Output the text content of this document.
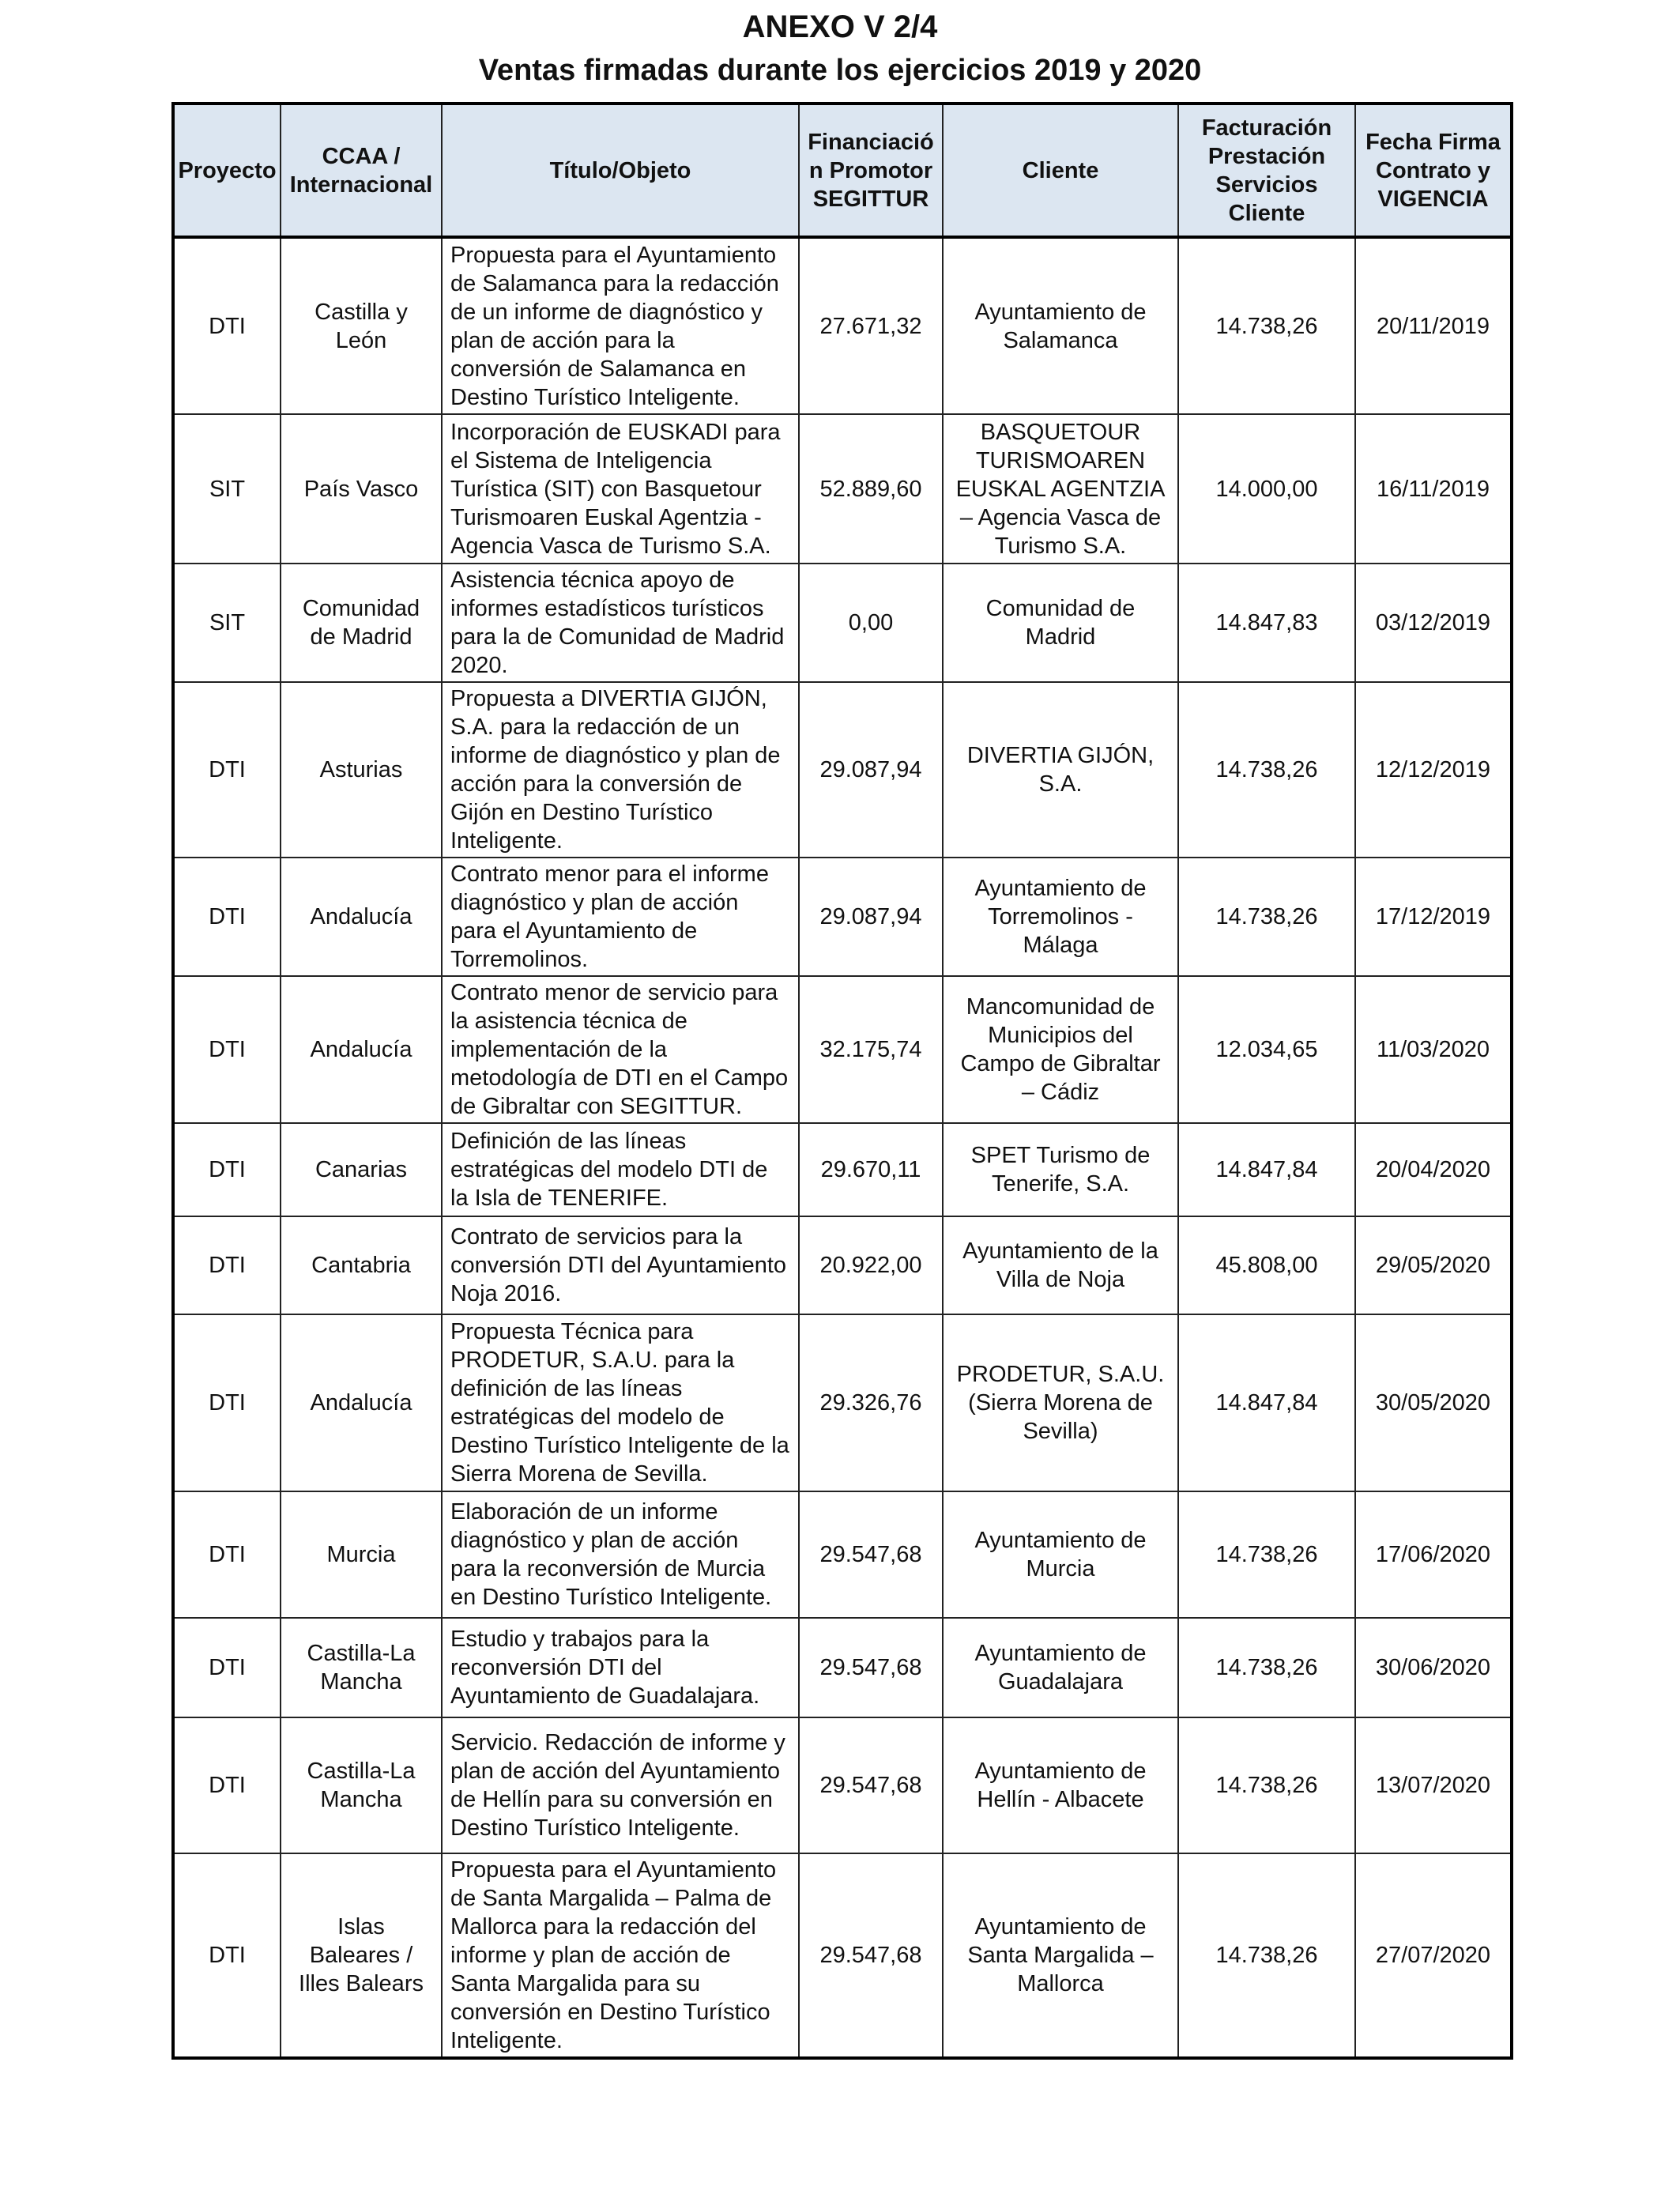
ANEXO V 2/4
Ventas firmadas durante los ejercicios 2019 y 2020
Proyecto	CCAA / Internacional	Título/Objeto	Financiación Promotor SEGITTUR	Cliente	Facturación Prestación Servicios Cliente	Fecha Firma Contrato y VIGENCIA
DTI	Castilla y León	Propuesta para el Ayuntamiento de Salamanca para la redacción de un informe de diagnóstico y plan de acción para la conversión de Salamanca en Destino Turístico Inteligente.	27.671,32	Ayuntamiento de Salamanca	14.738,26	20/11/2019
SIT	País Vasco	Incorporación de EUSKADI para el Sistema de Inteligencia Turística (SIT) con Basquetour Turismoaren Euskal Agentzia - Agencia Vasca de Turismo S.A.	52.889,60	BASQUETOUR TURISMOAREN EUSKAL AGENTZIA – Agencia Vasca de Turismo S.A.	14.000,00	16/11/2019
SIT	Comunidad de Madrid	Asistencia técnica apoyo de informes estadísticos turísticos para la de Comunidad de Madrid 2020.	0,00	Comunidad de Madrid	14.847,83	03/12/2019
DTI	Asturias	Propuesta a DIVERTIA GIJÓN, S.A. para la redacción de un informe de diagnóstico y plan de acción para la conversión de Gijón en Destino Turístico Inteligente.	29.087,94	DIVERTIA GIJÓN, S.A.	14.738,26	12/12/2019
DTI	Andalucía	Contrato menor para el informe diagnóstico y plan de acción para el Ayuntamiento de Torremolinos.	29.087,94	Ayuntamiento de Torremolinos - Málaga	14.738,26	17/12/2019
DTI	Andalucía	Contrato menor de servicio para la asistencia técnica de implementación de la metodología de DTI en el Campo de Gibraltar con SEGITTUR.	32.175,74	Mancomunidad de Municipios del Campo de Gibraltar – Cádiz	12.034,65	11/03/2020
DTI	Canarias	Definición de las líneas estratégicas del modelo DTI de la Isla de TENERIFE.	29.670,11	SPET Turismo de Tenerife, S.A.	14.847,84	20/04/2020
DTI	Cantabria	Contrato de servicios para la conversión DTI del Ayuntamiento Noja 2016.	20.922,00	Ayuntamiento de la Villa de Noja	45.808,00	29/05/2020
DTI	Andalucía	Propuesta Técnica para PRODETUR, S.A.U. para la definición de las líneas estratégicas del modelo de Destino Turístico Inteligente de la Sierra Morena de Sevilla.	29.326,76	PRODETUR, S.A.U. (Sierra Morena de Sevilla)	14.847,84	30/05/2020
DTI	Murcia	Elaboración de un informe diagnóstico y plan de acción para la reconversión de Murcia en Destino Turístico Inteligente.	29.547,68	Ayuntamiento de Murcia	14.738,26	17/06/2020
DTI	Castilla-La Mancha	Estudio y trabajos para la reconversión DTI del Ayuntamiento de Guadalajara.	29.547,68	Ayuntamiento de Guadalajara	14.738,26	30/06/2020
DTI	Castilla-La Mancha	Servicio. Redacción de informe y plan de acción del Ayuntamiento de Hellín para su conversión en Destino Turístico Inteligente.	29.547,68	Ayuntamiento de Hellín - Albacete	14.738,26	13/07/2020
DTI	Islas Baleares / Illes Balears	Propuesta para el Ayuntamiento de Santa Margalida – Palma de Mallorca para la redacción del informe y plan de acción de Santa Margalida para su conversión en Destino Turístico Inteligente.	29.547,68	Ayuntamiento de Santa Margalida – Mallorca	14.738,26	27/07/2020
